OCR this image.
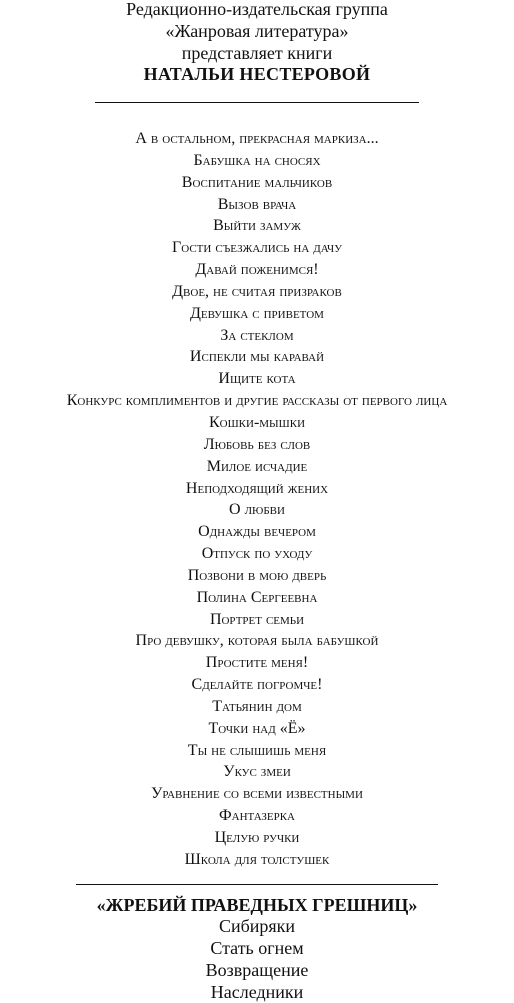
Редакционно-издательская группа
«Жанровая литература»
представляет книги
НАТАЛЬИ НЕСТЕРОВОЙ
А в остальном, прекрасная маркиза...
Бабушка на сносях
Воспитание мальчиков
Вызов врача
Выйти замуж
Гости съезжались на дачу
Давай поженимся!
Двое, не считая призраков
Девушка с приветом
За стеклом
Испекли мы каравай
Ищите кота
Конкурс комплиментов и другие рассказы от первого лица
Кошки-мышки
Любовь без слов
Милое исчадие
Неподходящий жених
О любви
Однажды вечером
Отпуск по уходу
Позвони в мою дверь
Полина Сергеевна
Портрет семьи
Про девушку, которая была бабушкой
Простите меня!
Сделайте погромче!
Татьянин дом
Точки над «Ё»
Ты не слышишь меня
Укус змеи
Уравнение со всеми известными
Фантазерка
Целую ручки
Школа для толстушек
«ЖРЕБИЙ ПРАВЕДНЫХ ГРЕШНИЦ»
Сибиряки
Стать огнем
Возвращение
Наследники
